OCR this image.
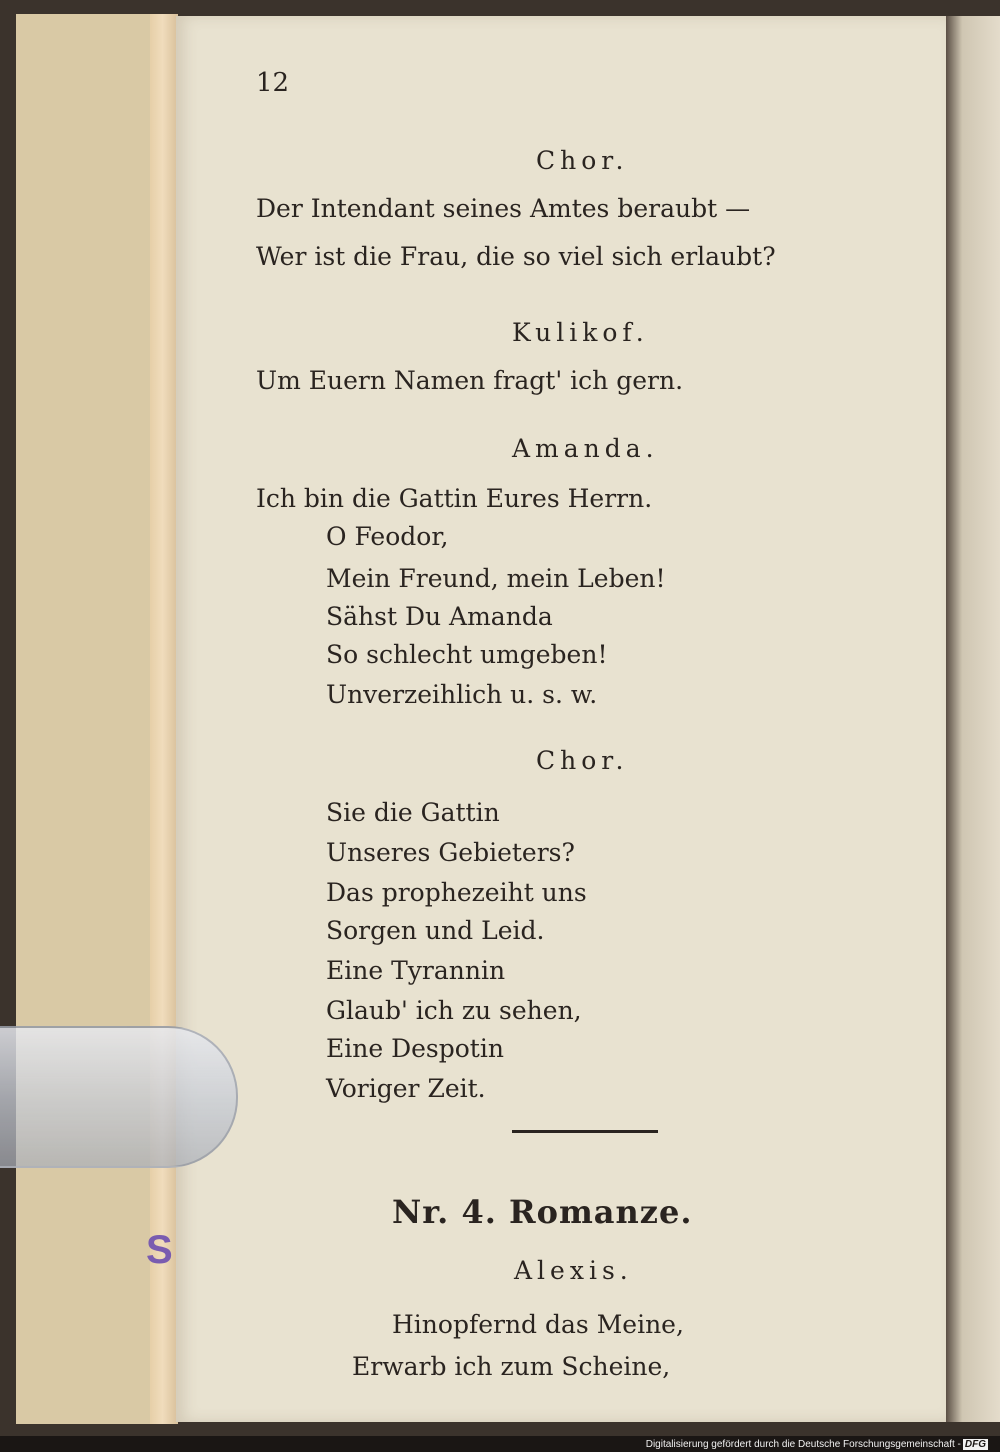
S
12
Chor.
Der Intendant seines Amtes beraubt —
Wer ist die Frau, die so viel sich erlaubt?
Kulikof.
Um Euern Namen fragt' ich gern.
Amanda.
Ich bin die Gattin Eures Herrn.
O Feodor,
Mein Freund, mein Leben!
Sähst Du Amanda
So schlecht umgeben!
Unverzeihlich u. s. w.
Chor.
Sie die Gattin
Unseres Gebieters?
Das prophezeiht uns
Sorgen und Leid.
Eine Tyrannin
Glaub' ich zu sehen,
Eine Despotin
Voriger Zeit.
Nr. 4. Romanze.
Alexis.
Hinopfernd das Meine,
Erwarb ich zum Scheine,
Digitalisierung gefördert durch die Deutsche Forschungsgemeinschaft - DFG
